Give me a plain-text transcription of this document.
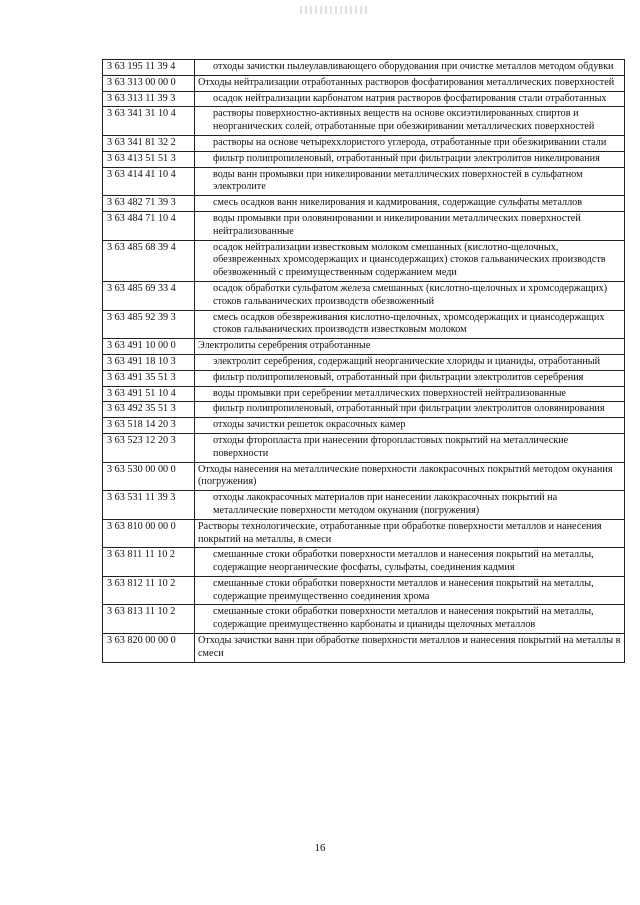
3 63 195 11 39 4	отходы зачистки пылеулавливающего оборудования при очистке металлов методом обдувки
3 63 313 00 00 0	Отходы нейтрализации отработанных растворов фосфатирования металлических поверхностей
3 63 313 11 39 3	осадок нейтрализации карбонатом натрия растворов фосфатирования стали отработанных
3 63 341 31 10 4	растворы поверхностно-активных веществ на основе оксиэтилированных спиртов и неорганических солей, отработанные при обезжиривании металлических поверхностей
3 63 341 81 32 2	растворы на основе четыреххлористого углерода, отработанные при обезжиривании стали
3 63 413 51 51 3	фильтр полипропиленовый, отработанный при фильтрации электролитов никелирования
3 63 414 41 10 4	воды ванн промывки при никелировании металлических поверхностей в сульфатном электролите
3 63 482 71 39 3	смесь осадков ванн никелирования и кадмирования, содержащие сульфаты металлов
3 63 484 71 10 4	воды промывки при оловянировании и никелировании металлических поверхностей нейтрализованные
3 63 485 68 39 4	осадок нейтрализации известковым молоком смешанных (кислотно-щелочных, обезвреженных хромсодержащих и циансодержащих) стоков гальванических производств обезвоженный с преимущественным содержанием меди
3 63 485 69 33 4	осадок обработки сульфатом железа смешанных (кислотно-щелочных и хромсодержащих) стоков гальванических производств обезвоженный
3 63 485 92 39 3	смесь осадков обезвреживания кислотно-щелочных, хромсодержащих и циансодержащих стоков гальванических производств известковым молоком
3 63 491 10 00 0	Электролиты серебрения отработанные
3 63 491 18 10 3	электролит серебрения, содержащий неорганические хлориды и цианиды, отработанный
3 63 491 35 51 3	фильтр полипропиленовый, отработанный при фильтрации электролитов серебрения
3 63 491 51 10 4	воды промывки при серебрении металлических поверхностей нейтрализованные
3 63 492 35 51 3	фильтр полипропиленовый, отработанный при фильтрации электролитов оловянирования
3 63 518 14 20 3	отходы зачистки решеток окрасочных камер
3 63 523 12 20 3	отходы фторопласта при нанесении фторопластовых покрытий на металлические поверхности
3 63 530 00 00 0	Отходы нанесения на металлические поверхности лакокрасочных покрытий методом окунания (погружения)
3 63 531 11 39 3	отходы лакокрасочных материалов при нанесении лакокрасочных покрытий на металлические поверхности методом окунания (погружения)
3 63 810 00 00 0	Растворы технологические, отработанные при обработке поверхности металлов и нанесения покрытий на металлы, в смеси
3 63 811 11 10 2	смешанные стоки обработки поверхности металлов и нанесения покрытий на металлы, содержащие неорганические фосфаты, сульфаты, соединения кадмия
3 63 812 11 10 2	смешанные стоки обработки поверхности металлов и нанесения покрытий на металлы, содержащие преимущественно соединения хрома
3 63 813 11 10 2	смешанные стоки обработки поверхности металлов и нанесения покрытий на металлы, содержащие преимущественно карбонаты и цианиды щелочных металлов
3 63 820 00 00 0	Отходы зачистки ванн при обработке поверхности металлов и нанесения покрытий на металлы в смеси
16
